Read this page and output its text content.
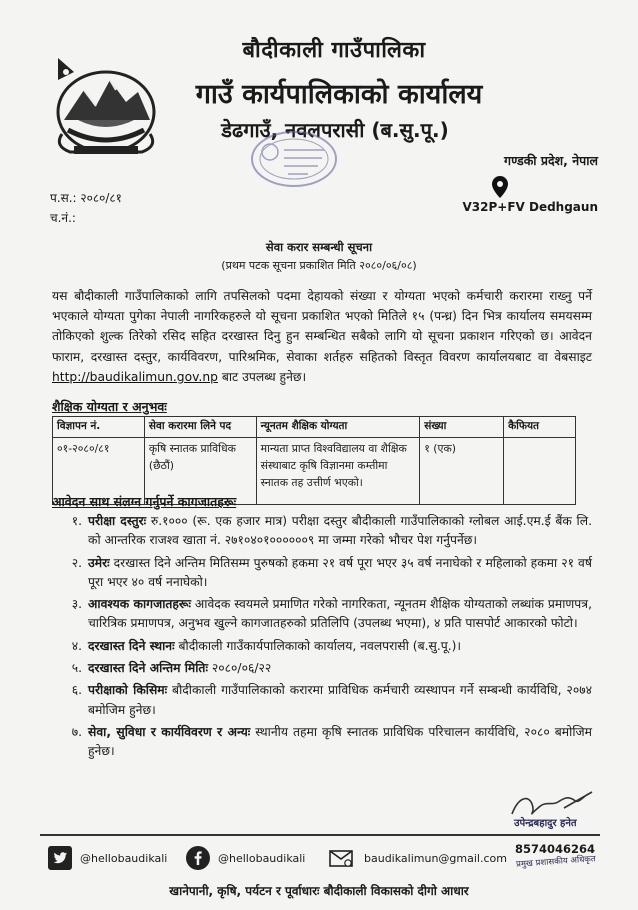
बौदीकाली गाउँपालिका
गाउँ कार्यपालिकाको कार्यालय
डेढगाउँ, नवलपरासी (ब.सु.पू.)
गण्डकी प्रदेश, नेपाल
V32P+FV Dedhgaun
प.स.: २०८०/८१
च.नं.:
सेवा करार सम्बन्धी सूचना
(प्रथम पटक सूचना प्रकाशित मिति २०८०/०६/०८)
यस बौदीकाली गाउँपालिकाको लागि तपसिलको पदमा देहायको संख्या र योग्यता भएको कर्मचारी करारमा राख्नु पर्ने भएकाले योग्यता पुगेका नेपाली नागरिकहरुले यो सूचना प्रकाशित भएको मितिले १५ (पन्ध्र) दिन भित्र कार्यालय समयसम्म तोकिएको शुल्क तिरेको रसिद सहित दरखास्त दिनु हुन सम्बन्धित सबैको लागि यो सूचना प्रकाशन गरिएको छ। आवेदन फाराम, दरखास्त दस्तुर, कार्यविवरण, पारिश्रमिक, सेवाका शर्तहरु सहितको विस्तृत विवरण कार्यालयबाट वा वेबसाइट http://baudikalimun.gov.np बाट उपलब्ध हुनेछ।
शैक्षिक योग्यता र अनुभवः
विज्ञापन नं.	सेवा करारमा लिने पद	न्यूनतम शैक्षिक योग्यता	संख्या	कैफियत
०१-२०८०/८१	कृषि स्नातक प्राविधिक (छैठौं)	मान्यता प्राप्त विश्वविद्यालय वा शैक्षिक संस्थाबाट कृषि विज्ञानमा कम्तीमा स्नातक तह उत्तीर्ण भएको।	१ (एक)	
आवेदन साथ संलग्न गर्नुपर्ने कागजातहरूः
१. परीक्षा दस्तुरः रु.१००० (रू. एक हजार मात्र) परीक्षा दस्तुर बौदीकाली गाउँपालिकाको ग्लोबल आई.एम.ई बैंक लि. को आन्तरिक राजश्व खाता नं. २७१०४०१००००००९ मा जम्मा गरेको भौचर पेश गर्नुपर्नेछ।
२. उमेरः दरखास्त दिने अन्तिम मितिसम्म पुरुषको हकमा २१ वर्ष पूरा भएर ३५ वर्ष ननाघेको र महिलाको हकमा २१ वर्ष पूरा भएर ४० वर्ष ननाघेको।
३. आवश्यक कागजातहरूः आवेदक स्वयमले प्रमाणित गरेको नागरिकता, न्यूनतम शैक्षिक योग्यताको लब्धांक प्रमाणपत्र, चारित्रिक प्रमाणपत्र, अनुभव खुल्ने कागजातहरुको प्रतिलिपि (उपलब्ध भएमा), ४ प्रति पासपोर्ट आकारको फोटो।
४. दरखास्त दिने स्थानः बौदीकाली गाउँकार्यपालिकाको कार्यालय, नवलपरासी (ब.सु.पू.)।
५. दरखास्त दिने अन्तिम मितिः २०८०/०६/२२
६. परीक्षाको किसिमः बौदीकाली गाउँपालिकाको करारमा प्राविधिक कर्मचारी व्यस्थापन गर्ने सम्बन्धी कार्यविधि, २०७४ बमोजिम हुनेछ।
७. सेवा, सुविधा र कार्यविवरण र अन्यः स्थानीय तहमा कृषि स्नातक प्राविधिक परिचालन कार्यविधि, २०८० बमोजिम हुनेछ।
उपेन्द्रबहादुर हनेत
@hellobaudikali	@hellobaudikali	baudikalimun@gmail.com
8574046264
प्रमुख प्रशासकीय अधिकृत
खानेपानी, कृषि, पर्यटन र पूर्वाधारः बौदीकाली विकासको दीगो आधार
